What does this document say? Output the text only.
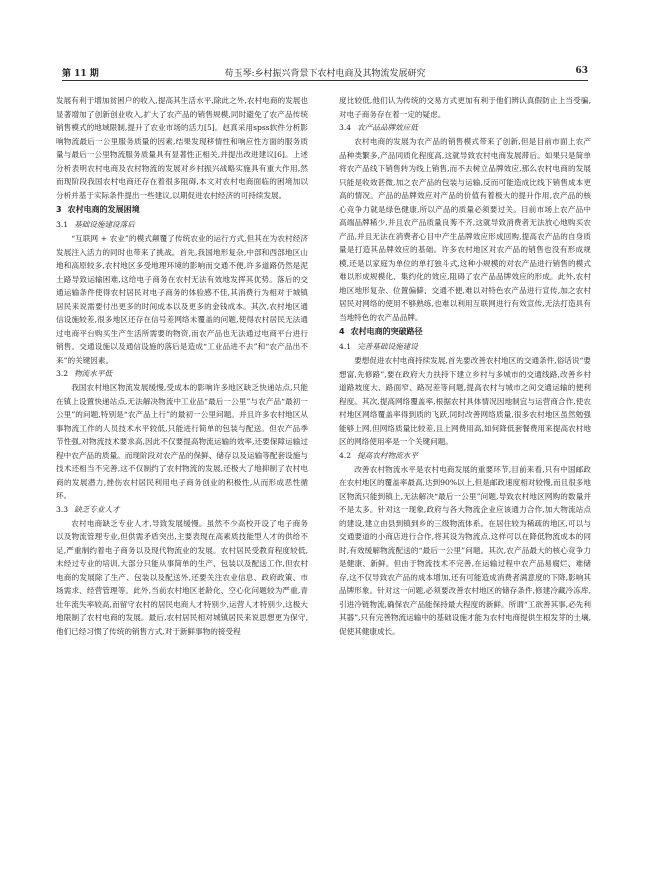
第 11 期	苟玉琴:乡村振兴背景下农村电商及其物流发展研究	63

发展有利于增加贫困户的收入,提高其生活水平,除此之外,农村电商的发展也显著增加了创新创业收入,扩大了农产品的销售规模,同时避免了农产品传统销售模式的地域限制,提升了农业市场的活力[5]。赵真采用spss软件分析影响物流最后一公里服务质量的因素,结果发现移情性和响应性方面的服务质量与最后一公里物流服务质量具有显著性正相关,并提出改进建议[6]。上述分析表明农村电商及农村物流的发展对乡村振兴战略实施具有重大作用,然而现阶段我国农村电商还存在着很多阻碍,本文对农村电商面临的困境加以分析并基于实际条件提出一些建议,以期促进农村经济的可持续发展。

3 农村电商的发展困境
3.1 基础设施建设落后

“互联网 + 农业”的模式颠覆了传统农业的运行方式,但其在为农村经济发展注入活力的同时也带来了挑战。首先,我国地形复杂,中部和西部地区山地和高原较多,农村地区多受地理环境的影响而交通不便,许多道路仍然是泥土路导致运输困难,这给电子商务在农村无法有效地发挥其优势。落后的交通运输条件使得农村居民对电子商务的体验感不佳,其消费行为相对于城镇居民来说需要付出更多的时间成本以及更多的金钱成本。其次,农村地区通信设施较差,很多地区还存在信号差网络未覆盖的问题,使得农村居民无法通过电商平台购买生产生活所需要的物资,而农产品也无法通过电商平台进行销售。交通设施以及通信设施的落后是造成“工业品进不去”和“农产品出不来”的关键因素。

3.2 物流水平低

我国农村地区物流发展缓慢,受成本的影响许多地区缺乏快递站点,只能在镇上设置快递站点,无法解决物流中工业品“最后一公里”与农产品“最初一公里”的问题,特别是“农产品上行”的最初一公里问题。并且许多农村地区从事物流工作的人员技术水平较低,只能进行简单的包装与配送。但农产品季节性强,对物流技术要求高,因此不仅要提高物流运输的效率,还要保障运输过程中农产品的质量。而现阶段对农产品的保鲜、储存以及运输等配套设施与技术还相当不完善,这不仅制约了农村物流的发展,还极大了地抑制了农村电商的发展潜力,挫伤农村居民利用电子商务创业的积极性,从而形成恶性循环。

3.3 缺乏专业人才

农村电商缺乏专业人才,导致发展缓慢。虽然不少高校开设了电子商务以及物流管理专业,但供需矛盾突出,主要表现在高素质技能型人才的供给不足,严重制约着电子商务以及现代物流业的发展。农村居民受教育程度较低,未经过专业的培训,大部分只能从事简单的生产、包装以及配送工作,但农村电商的发展除了生产、包装以及配送外,还要关注农业信息、政府政策、市场需求、经营管理等。此外,当前农村地区老龄化、空心化问题较为严重,青壮年流失率较高,而留守农村的居民电商人才特别少,运营人才特别少,这极大地限制了农村电商的发展。最后,农村居民相对城镇居民来说思想更为保守,他们已经习惯了传统的销售方式,对于新鲜事物的接受程

度比较低,他们认为传统的交易方式更加有利于他们辨认真假防止上当受骗,对电子商务存在着一定的疑虑。

3.4 农产品品牌效应低

农村电商的发展为农产品的销售模式带来了创新,但是目前市面上农产品种类繁多,产品同质化程度高,这就导致农村电商发展滞后。如果只是简单将农产品线下销售转为线上销售,而不去树立品牌效应,那么农村电商的发展只能是收效甚微,加之农产品的包装与运输,反而可能造成比线下销售成本更高的情况。产品的品牌效应对产品的价值有着极大的提升作用,农产品的核心竞争力就是绿色健康,所以产品的质量必须要过关。目前市场上农产品中高端品牌稀少,并且农产品质量良莠不齐,这就导致消费者无法放心地购买农产品,并且无法在消费者心目中产生品牌效应形成回购,提高农产品的自身质量是打造其品牌效应的基础。许多农村地区对农产品的销售也没有形成规模,还是以家庭为单位的单打独斗式,这种小规模的对农产品进行销售的模式难以形成规模化、集约化的效应,阻碍了农产品品牌效应的形成。此外,农村地区地形复杂、位置偏僻、交通不便,难以对特色农产品进行宣传,加之农村居民对网络的使用不够熟练,也难以利用互联网进行有效宣传,无法打造具有当地特色的农产品品牌。

4 农村电商的突破路径
4.1 完善基础设施建设

要想促进农村电商持续发展,首先要改善农村地区的交通条件,俗话说“要想富,先修路”,要在政府大力扶持下建立乡村与多城市的交通线路,改善乡村道路坡度大、路面窄、路况差等问题,提高农村与城市之间交通运输的便利程度。其次,提高网络覆盖率,根据农村具体情况因地制宜与运营商合作,使农村地区网络覆盖率得到质的飞跃,同时改善网络质量,很多农村地区虽然勉强能够上网,但网络质量比较差,且上网费用高,如何降低套餐费用来提高农村地区的网络使用率是一个关键问题。

4.2 提高农村物流水平

改善农村物流水平是农村电商发展的重要环节,目前来看,只有中国邮政在农村地区的覆盖率最高,达到90%以上,但是邮政速度相对较慢,而且很多地区物流只能到镇上,无法解决“最后一公里”问题,导致农村地区网购的数量并不是太多。针对这一现象,政府与各大物流企业应该通力合作,加大物流站点的建设,建立由县到镇到乡的三级物流体系。在居住较为稀疏的地区,可以与交通要道的小商店进行合作,将其设为物流点,这样可以在降低物流成本的同时,有效缓解物流配送的“最后一公里”问题。其次,农产品最大的核心竞争力是健康、新鲜。但由于物流技术不完善,在运输过程中农产品易腐烂、难储存,这不仅导致农产品的成本增加,还有可能造成消费者满意度的下降,影响其品牌形象。针对这一问题,必须要改善农村地区的储存条件,修建冷藏冷冻库,引进冷链物流,确保农产品能保持最大程度的新鲜。所谓“工欲善其事,必先利其器”,只有完善物流运输中的基础设施才能为农村电商提供生根发芽的土壤,促使其健康成长。
